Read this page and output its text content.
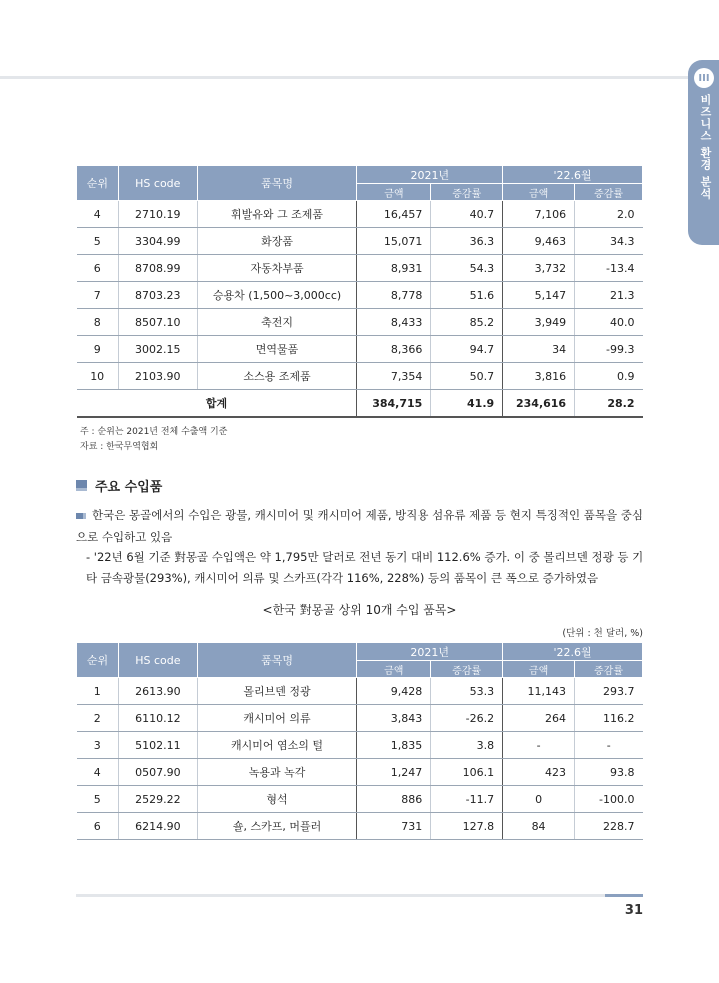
III
비즈니스 환경 분석
순위	HS code	품목명	2021년		'22.6월	
			금액	증감률	금액	증감률
4	2710.19	휘발유와 그 조제품	16,457	40.7	7,106	2.0
5	3304.99	화장품	15,071	36.3	9,463	34.3
6	8708.99	자동차부품	8,931	54.3	3,732	-13.4
7	8703.23	승용차 (1,500~3,000cc)	8,778	51.6	5,147	21.3
8	8507.10	축전지	8,433	85.2	3,949	40.0
9	3002.15	면역물품	8,366	94.7	34	-99.3
10	2103.90	소스용 조제품	7,354	50.7	3,816	0.9
합계			384,715	41.9	234,616	28.2
주 : 순위는 2021년 전체 수출액 기준
자료 : 한국무역협회
주요 수입품
한국은 몽골에서의 수입은 광물, 캐시미어 및 캐시미어 제품, 방직용 섬유류 제품 등 현지 특징적인 품목을 중심으로 수입하고 있음
- '22년 6월 기준 對몽골 수입액은 약 1,795만 달러로 전년 동기 대비 112.6% 증가. 이 중 몰리브덴 정광 등 기타 금속광물(293%), 캐시미어 의류 및 스카프(각각 116%, 228%) 등의 품목이 큰 폭으로 증가하였음
<한국 對몽골 상위 10개 수입 품목>
(단위 : 천 달러, %)
순위	HS code	품목명	2021년		'22.6월	
			금액	증감률	금액	증감률
1	2613.90	몰리브덴 정광	9,428	53.3	11,143	293.7
2	6110.12	캐시미어 의류	3,843	-26.2	264	116.2
3	5102.11	캐시미어 염소의 털	1,835	3.8	-	-
4	0507.90	녹용과 녹각	1,247	106.1	423	93.8
5	2529.22	형석	886	-11.7	0	-100.0
6	6214.90	숄, 스카프, 머플러	731	127.8	84	228.7
31
